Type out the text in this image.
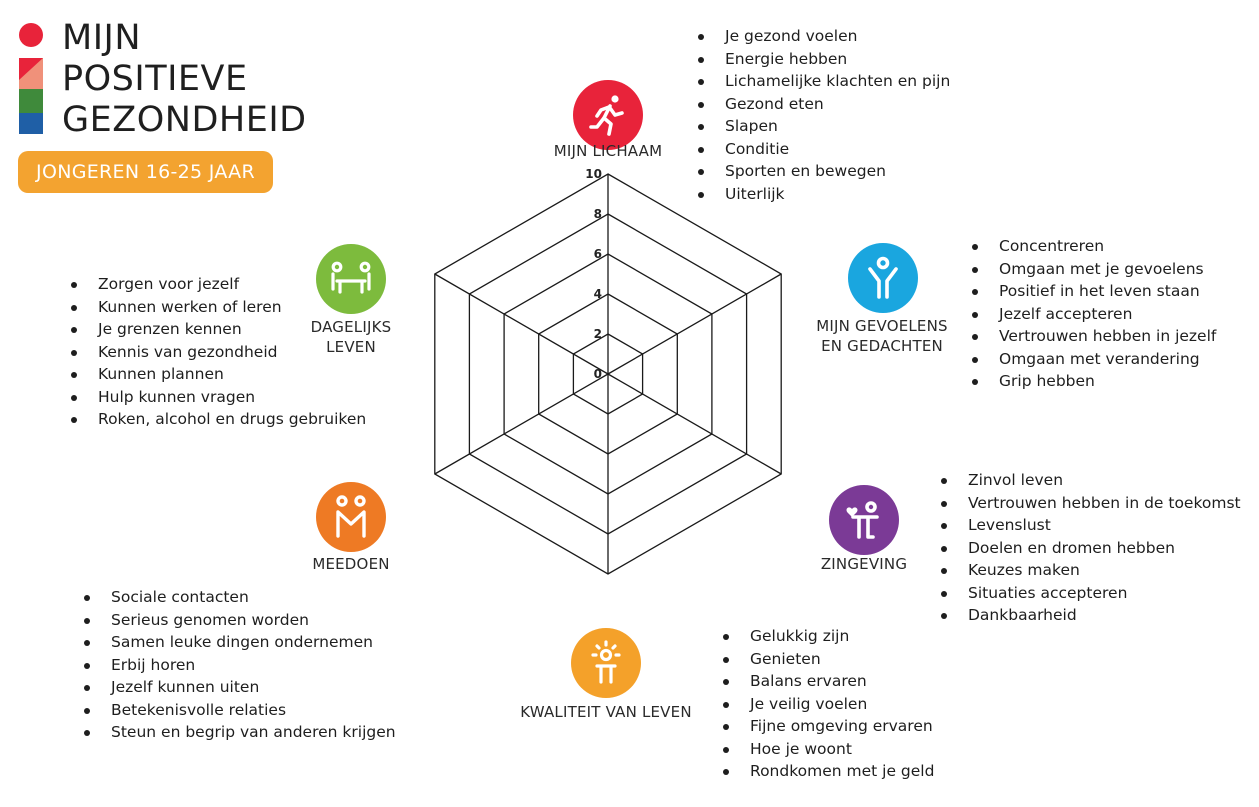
MIJN
POSITIEVE
GEZONDHEID
JONGEREN 16-25 JAAR	10
8
6
4
2
0
MIJN LICHAAM
MIJN GEVOELENS
EN GEDACHTEN
ZINGEVING
KWALITEIT VAN LEVEN
MEEDOEN
DAGELIJKS
LEVEN
Je gezond voelen
Energie hebben
Lichamelijke klachten en pijn
Gezond eten
Slapen
Conditie
Sporten en bewegen
Uiterlijk
Concentreren
Omgaan met je gevoelens
Positief in het leven staan
Jezelf accepteren
Vertrouwen hebben in jezelf
Omgaan met verandering
Grip hebben
Zinvol leven
Vertrouwen hebben in de toekomst
Levenslust
Doelen en dromen hebben
Keuzes maken
Situaties accepteren
Dankbaarheid
Gelukkig zijn
Genieten
Balans ervaren
Je veilig voelen
Fijne omgeving ervaren
Hoe je woont
Rondkomen met je geld
Sociale contacten
Serieus genomen worden
Samen leuke dingen ondernemen
Erbij horen
Jezelf kunnen uiten
Betekenisvolle relaties
Steun en begrip van anderen krijgen
Zorgen voor jezelf
Kunnen werken of leren
Je grenzen kennen
Kennis van gezondheid
Kunnen plannen
Hulp kunnen vragen
Roken, alcohol en drugs gebruiken
